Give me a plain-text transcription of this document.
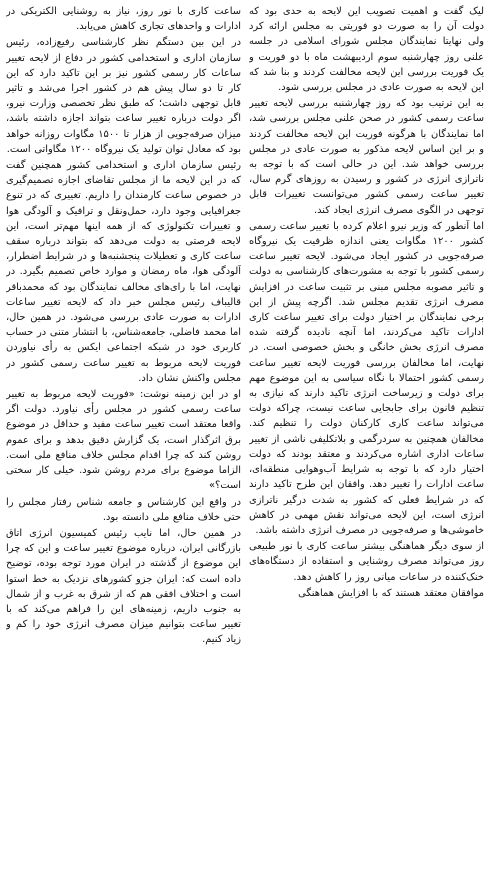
لیک گفت و اهمیت تصویب این لایحه به حدی بود که دولت آن را به صورت دو فوریتی به مجلس ارائه کرد ولی نهایتا نمایندگان مجلس شورای اسلامی در جلسه علنی روز چهارشنبه سوم اردیبهشت ماه با دو فوریت و یک فوریت بررسی این لایحه مخالفت کردند و بنا شد که این لایحه به صورت عادی در مجلس بررسی شود.

به این ترتیب بود که روز چهارشنبه بررسی لایحه تغییر ساعت رسمی کشور در صحن علنی مجلس بررسی شد، اما نمایندگان با هرگونه فوریت این لایحه مخالفت کردند و بر این اساس لایحه مذکور به صورت عادی در مجلس بررسی خواهد شد. این در حالی است که با توجه به ناترازی انرژی در کشور و رسیدن به روزهای گرم سال، تغییر ساعت رسمی کشور می‌توانست تغییرات قابل توجهی در الگوی مصرف انرژی ایجاد کند.

اما آنطور که وزیر نیرو اعلام کرده با تغییر ساعت رسمی کشور ۱۲۰۰ مگاوات یعنی اندازه ظرفیت یک نیروگاه صرفه‌جویی در کشور ایجاد می‌شود. لایحه تغییر ساعت رسمی کشور با توجه به مشورت‌های کارشناسی به دولت و تاثیر مصوبه مجلس مبنی بر تثبیت ساعت در افزایش مصرف انرژی تقدیم مجلس شد. اگرچه پیش از این برخی نمایندگان بر اختیار دولت برای تغییر ساعت کاری ادارات تاکید می‌کردند، اما آنچه نادیده گرفته شده مصرف انرژی بخش خانگی و بخش خصوصی است. در نهایت، اما مخالفان بررسی فوریت لایحه تغییر ساعت رسمی کشور احتمالا با نگاه سیاسی به این موضوع مهم برای دولت و زیرساخت انرژی تاکید دارند که نیازی به تنظیم قانون برای جابجایی ساعت نیست، چراکه دولت می‌تواند ساعت کاری کارکنان دولت را تنظیم کند. مخالفان همچنین به سردرگمی و بلاتکلیفی ناشی از تغییر ساعات اداری اشاره می‌کردند و معتقد بودند که دولت اختیار دارد که با توجه به شرایط آب‌وهوایی منطقه‌ای، ساعت ادارات را تغییر دهد. وافقان این طرح تاکید دارند که در شرایط فعلی که کشور به شدت درگیر ناترازی انرژی است، این لایحه می‌تواند نقش مهمی در کاهش خاموشی‌ها و صرفه‌جویی در مصرف انرژی داشته باشد.

از سوی دیگر هماهنگی بیشتر ساعت کاری با نور طبیعی روز می‌تواند مصرف روشنایی و استفاده از دستگاه‌های خنک‌کننده در ساعات میانی روز را کاهش دهد.

موافقان معتقد هستند که با افزایش هماهنگی

ساعت کاری با نور روز، نیاز به روشنایی الکتریکی در ادارات و واحدهای تجاری کاهش می‌یابد.

در این بین دستگم نظر کارشناسی رفیع‌زاده، رئیس سازمان اداری و استخدامی کشور در دفاع از لایحه تغییر ساعات کار رسمی کشور نیز بر این تاکید دارد که این کار تا دو سال پیش هم در کشور اجرا می‌شد و تاثیر قابل توجهی داشت؛ که طبق نظر تخصصی وزارت نیرو، اگر دولت درباره تغییر ساعت بتواند اجازه داشته باشد، میزان صرفه‌جویی از هزار تا ۱۵۰۰ مگاوات روزانه خواهد بود که معادل توان تولید یک نیروگاه ۱۲۰۰ مگاواتی است.

رئیس سازمان اداری و استخدامی کشور همچنین گفت که در این لایحه ما از مجلس تقاضای اجازه تصمیم‌گیری در خصوص ساعت کارمندان را داریم. تغییری که در تنوع جغرافیایی وجود دارد، حمل‌ونقل و ترافیک و آلودگی هوا و تغییرات تکنولوژی که از همه اینها مهم‌تر است، این لایحه فرصتی به دولت می‌دهد که بتواند درباره سقف ساعت کاری و تعطیلات پنجشنبه‌ها و در شرایط اضطرار، آلودگی هوا، ماه رمضان و موارد خاص تصمیم بگیرد. در نهایت، اما با رای‌های مخالف نمایندگان بود که محمدباقر قالیباف رئیس مجلس خبر داد که لایحه تغییر ساعات ادارات به صورت عادی بررسی می‌شود. در همین حال، اما محمد فاضلی، جامعه‌شناس، با انتشار متنی در حساب کاربری خود در شبکه اجتماعی ایکس به رأی نیاوردن فوریت لایحه مربوط به تغییر ساعت رسمی کشور در مجلس واکنش نشان داد.

او در این زمینه نوشت: «فوریت لایحه مربوط به تغییر ساعت رسمی کشور در مجلس رأی نیاورد. دولت اگر واقعا معتقد است تغییر ساعت مفید و حداقل در موضوع برق اثرگذار است، یک گزارش دقیق بدهد و برای عموم روشن کند که چرا اقدام مجلس خلاف منافع ملی است. الزاما موضوع برای مردم روشن شود. خیلی کار سختی است؟»

در واقع این کارشناس و جامعه شناس رفتار مجلس را حتی خلاف منافع ملی دانسته بود.

در همین حال، اما نایب رئیس کمیسیون انرژی اتاق بازرگانی ایران، درباره موضوع تغییر ساعت و این که چرا این موضوع از گذشته در ایران مورد توجه بوده، توضیح داده است که: ایران جزو کشورهای نزدیک به خط استوا است و اختلاف افقی هم که از شرق به غرب و از شمال به جنوب داریم، زمینه‌های این را فراهم می‌کند که با تغییر ساعت بتوانیم میزان مصرف انرژی خود را کم و زیاد کنیم.
